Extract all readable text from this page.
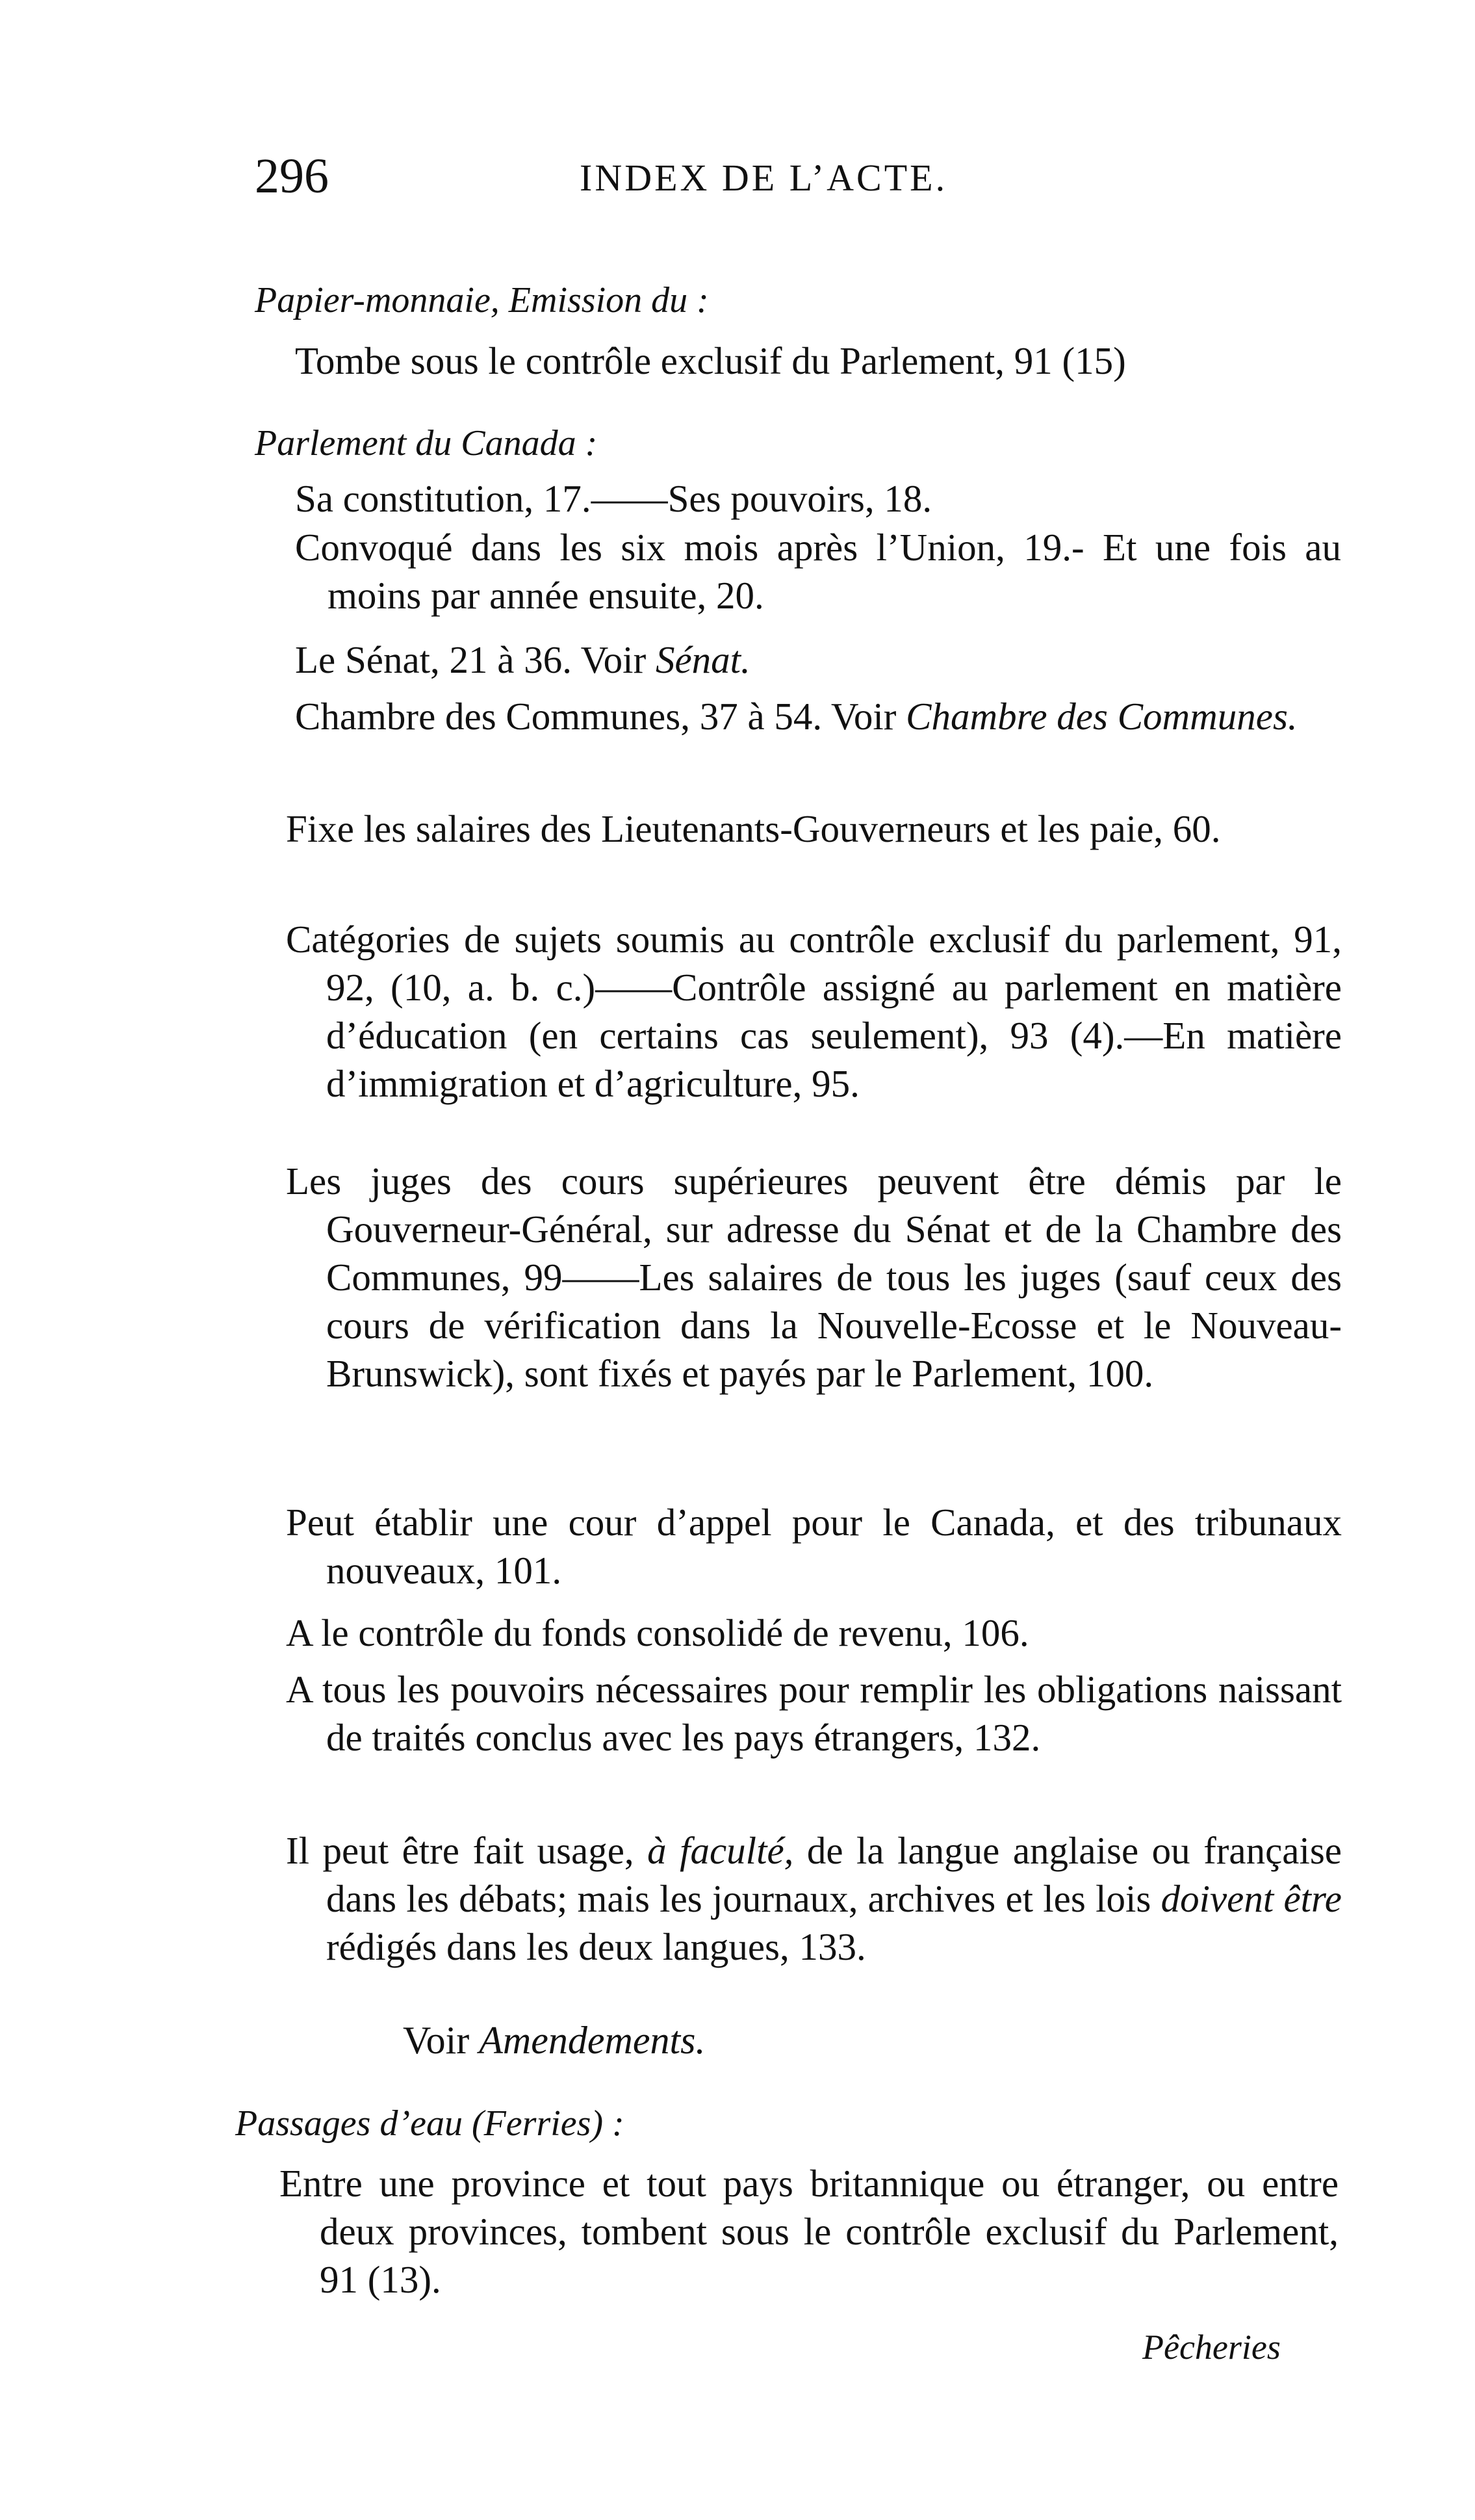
296	INDEX DE L’ACTE.
Papier-monnaie, Emission du :

Tombe sous le contrôle exclusif du Parlement, 91 (15)

Parlement du Canada :

Sa constitution, 17.——Ses pouvoirs, 18.

Convoqué dans les six mois après l’Union, 19.- Et une fois au moins par année ensuite, 20.

Le Sénat, 21 à 36. Voir Sénat.

Chambre des Communes, 37 à 54. Voir Chambre des Communes.

Fixe les salaires des Lieutenants-Gouverneurs et les paie, 60.

Catégories de sujets soumis au contrôle exclusif du parlement, 91, 92, (10, a. b. c.)——Contrôle assigné au parlement en matière d’éducation (en certains cas seulement), 93 (4).—En matière d’immigration et d’agriculture, 95.

Les juges des cours supérieures peuvent être démis par le Gouverneur-Général, sur adresse du Sénat et de la Chambre des Communes, 99——Les salaires de tous les juges (sauf ceux des cours de vérification dans la Nouvelle-Ecosse et le Nouveau-Brunswick), sont fixés et payés par le Parlement, 100.

Peut établir une cour d’appel pour le Canada, et des tribunaux nouveaux, 101.

A le contrôle du fonds consolidé de revenu, 106.

A tous les pouvoirs nécessaires pour remplir les obligations naissant de traités conclus avec les pays étrangers, 132.

Il peut être fait usage, à faculté, de la langue anglaise ou française dans les débats; mais les journaux, archives et les lois doivent être rédigés dans les deux langues, 133.

Voir Amendements.
Passages d’eau (Ferries) :

Entre une province et tout pays britannique ou étranger, ou entre deux provinces, tombent sous le contrôle exclusif du Parlement, 91 (13).

Pêcheries
